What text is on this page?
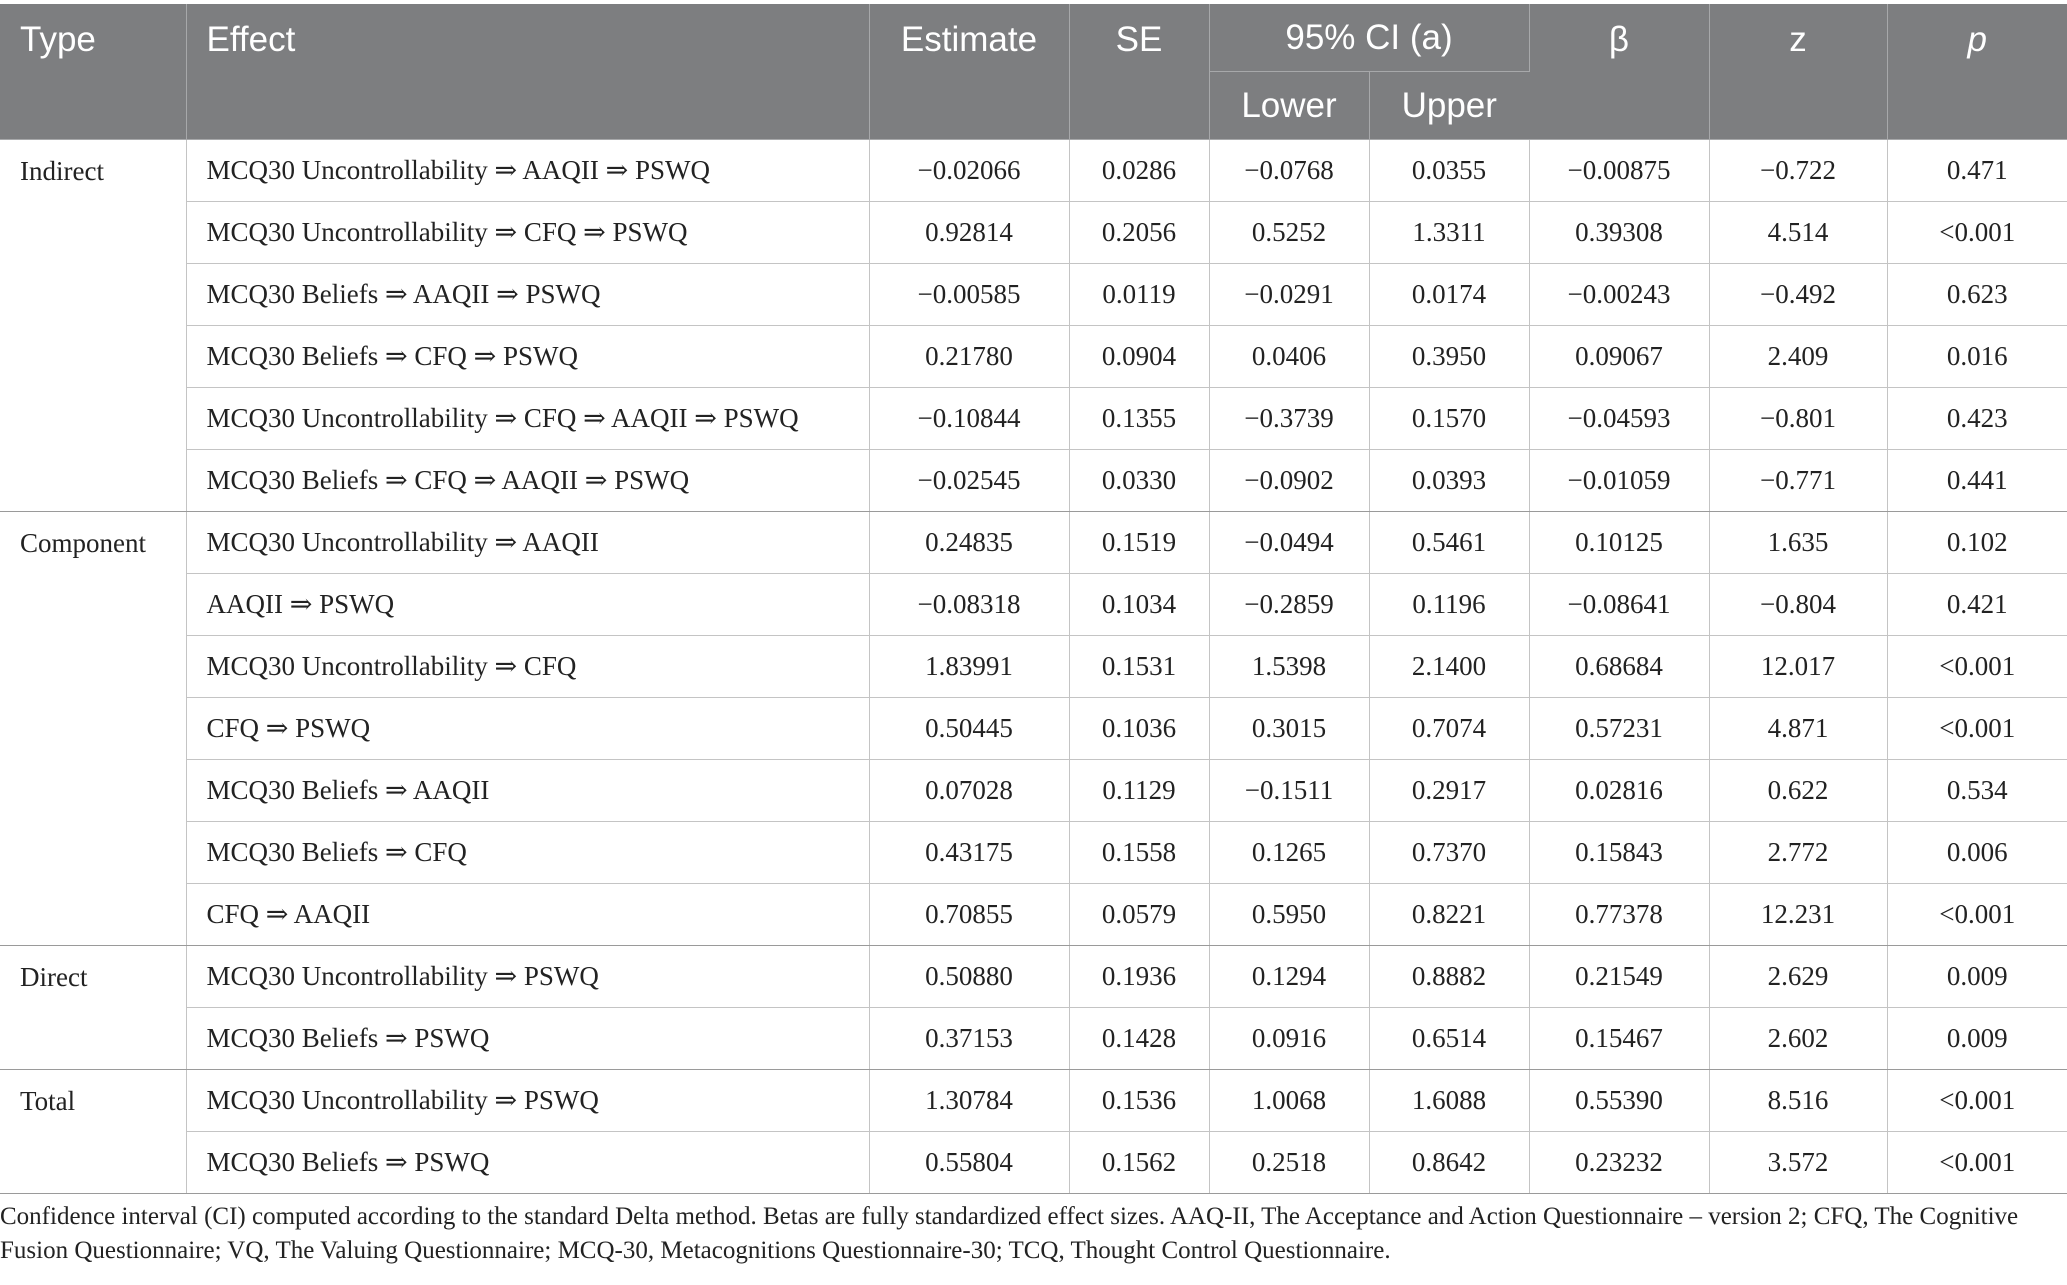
Type	Effect	Estimate	SE	95% CI (a)		β	z	p
				Lower	Upper			
Indirect	MCQ30 Uncontrollability ⇒ AAQII ⇒ PSWQ	−0.02066	0.0286	−0.0768	0.0355	−0.00875	−0.722	0.471
	MCQ30 Uncontrollability ⇒ CFQ ⇒ PSWQ	0.92814	0.2056	0.5252	1.3311	0.39308	4.514	<0.001
	MCQ30 Beliefs ⇒ AAQII ⇒ PSWQ	−0.00585	0.0119	−0.0291	0.0174	−0.00243	−0.492	0.623
	MCQ30 Beliefs ⇒ CFQ ⇒ PSWQ	0.21780	0.0904	0.0406	0.3950	0.09067	2.409	0.016
	MCQ30 Uncontrollability ⇒ CFQ ⇒ AAQII ⇒ PSWQ	−0.10844	0.1355	−0.3739	0.1570	−0.04593	−0.801	0.423
	MCQ30 Beliefs ⇒ CFQ ⇒ AAQII ⇒ PSWQ	−0.02545	0.0330	−0.0902	0.0393	−0.01059	−0.771	0.441
Component	MCQ30 Uncontrollability ⇒ AAQII	0.24835	0.1519	−0.0494	0.5461	0.10125	1.635	0.102
	AAQII ⇒ PSWQ	−0.08318	0.1034	−0.2859	0.1196	−0.08641	−0.804	0.421
	MCQ30 Uncontrollability ⇒ CFQ	1.83991	0.1531	1.5398	2.1400	0.68684	12.017	<0.001
	CFQ ⇒ PSWQ	0.50445	0.1036	0.3015	0.7074	0.57231	4.871	<0.001
	MCQ30 Beliefs ⇒ AAQII	0.07028	0.1129	−0.1511	0.2917	0.02816	0.622	0.534
	MCQ30 Beliefs ⇒ CFQ	0.43175	0.1558	0.1265	0.7370	0.15843	2.772	0.006
	CFQ ⇒ AAQII	0.70855	0.0579	0.5950	0.8221	0.77378	12.231	<0.001
Direct	MCQ30 Uncontrollability ⇒ PSWQ	0.50880	0.1936	0.1294	0.8882	0.21549	2.629	0.009
	MCQ30 Beliefs ⇒ PSWQ	0.37153	0.1428	0.0916	0.6514	0.15467	2.602	0.009
Total	MCQ30 Uncontrollability ⇒ PSWQ	1.30784	0.1536	1.0068	1.6088	0.55390	8.516	<0.001
	MCQ30 Beliefs ⇒ PSWQ	0.55804	0.1562	0.2518	0.8642	0.23232	3.572	<0.001

Confidence interval (CI) computed according to the standard Delta method. Betas are fully standardized effect sizes. AAQ-II, The Acceptance and Action Questionnaire – version 2; CFQ, The Cognitive Fusion Questionnaire; VQ, The Valuing Questionnaire; MCQ-30, Metacognitions Questionnaire-30; TCQ, Thought Control Questionnaire.
